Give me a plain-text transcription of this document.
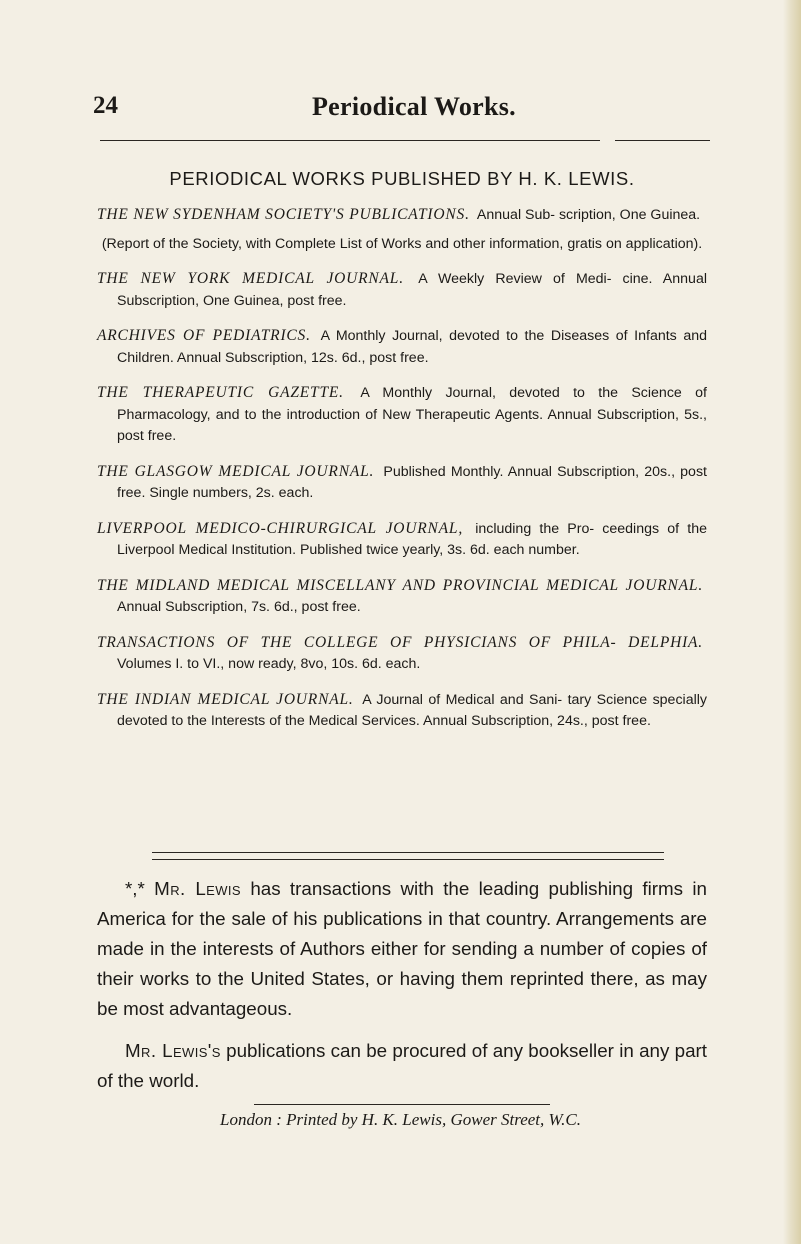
24	Periodical Works.
PERIODICAL WORKS PUBLISHED BY H. K. LEWIS.

THE NEW SYDENHAM SOCIETY'S PUBLICATIONS. Annual Sub- scription, One Guinea.

(Report of the Society, with Complete List of Works and other information, gratis on application).

THE NEW YORK MEDICAL JOURNAL. A Weekly Review of Medi- cine. Annual Subscription, One Guinea, post free.

ARCHIVES OF PEDIATRICS. A Monthly Journal, devoted to the Diseases of Infants and Children. Annual Subscription, 12s. 6d., post free.

THE THERAPEUTIC GAZETTE. A Monthly Journal, devoted to the Science of Pharmacology, and to the introduction of New Therapeutic Agents. Annual Subscription, 5s., post free.

THE GLASGOW MEDICAL JOURNAL. Published Monthly. Annual Subscription, 20s., post free. Single numbers, 2s. each.

LIVERPOOL MEDICO-CHIRURGICAL JOURNAL, including the Pro- ceedings of the Liverpool Medical Institution. Published twice yearly, 3s. 6d. each number.

THE MIDLAND MEDICAL MISCELLANY AND PROVINCIAL MEDICAL JOURNAL. Annual Subscription, 7s. 6d., post free.

TRANSACTIONS OF THE COLLEGE OF PHYSICIANS OF PHILA- DELPHIA. Volumes I. to VI., now ready, 8vo, 10s. 6d. each.

THE INDIAN MEDICAL JOURNAL. A Journal of Medical and Sani- tary Science specially devoted to the Interests of the Medical Services. Annual Subscription, 24s., post free.

*,* Mr. Lewis has transactions with the leading publishing firms in America for the sale of his publications in that country. Arrangements are made in the interests of Authors either for sending a number of copies of their works to the United States, or having them reprinted there, as may be most advantageous.

Mr. Lewis's publications can be procured of any bookseller in any part of the world.

London : Printed by H. K. Lewis, Gower Street, W.C.
